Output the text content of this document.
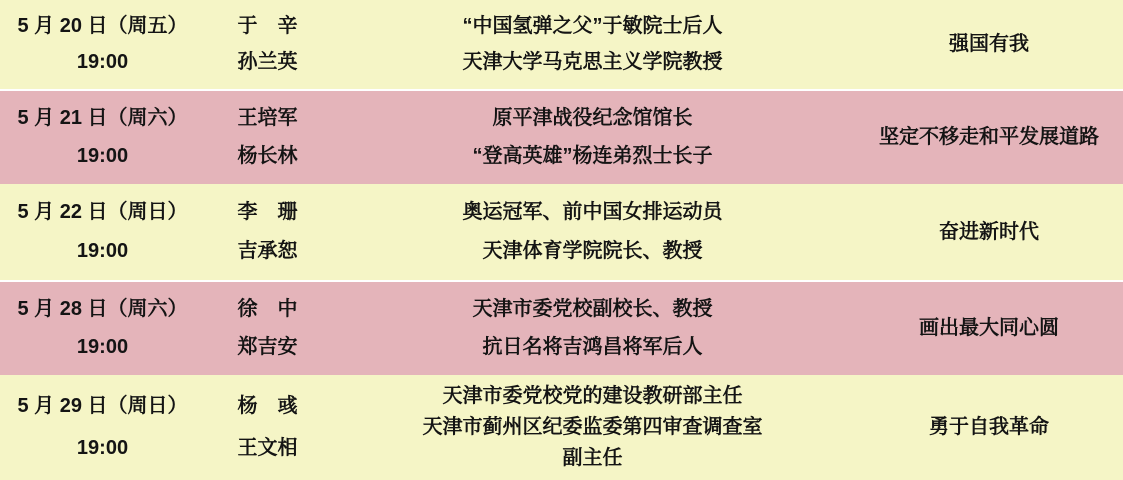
5 月 20 日（周五）
19:00
于　辛
孙兰英
“中国氢弹之父”于敏院士后人
天津大学马克思主义学院教授
强国有我
5 月 21 日（周六）
19:00
王培军
杨长林
原平津战役纪念馆馆长
“登高英雄”杨连弟烈士长子
坚定不移走和平发展道路
5 月 22 日（周日）
19:00
李　珊
吉承恕
奥运冠军、前中国女排运动员
天津体育学院院长、教授
奋进新时代
5 月 28 日（周六）
19:00
徐　中
郑吉安
天津市委党校副校长、教授
抗日名将吉鸿昌将军后人
画出最大同心圆
5 月 29 日（周日）
19:00
杨　彧
王文相
天津市委党校党的建设教研部主任
天津市蓟州区纪委监委第四审查调查室
副主任
勇于自我革命
